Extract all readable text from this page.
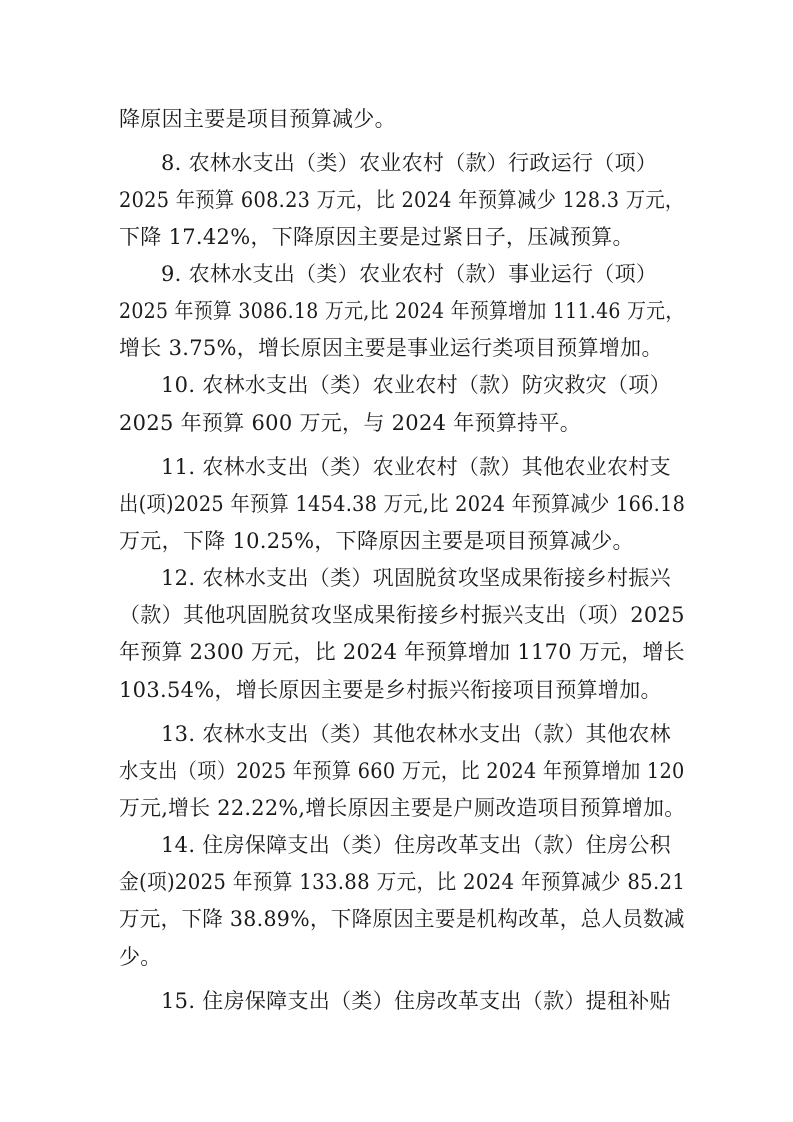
降原因主要是项目预算减少。
8. 农林水支出（类）农业农村（款）行政运行（项）
2025 年预算 608.23 万元，比 2024 年预算减少 128.3 万元，
下降 17.42%，下降原因主要是过紧日子，压减预算。
9. 农林水支出（类）农业农村（款）事业运行（项）
2025 年预算 3086.18 万元,比 2024 年预算增加 111.46 万元，
增长 3.75%，增长原因主要是事业运行类项目预算增加。
10. 农林水支出（类）农业农村（款）防灾救灾（项）
2025 年预算 600 万元，与 2024 年预算持平。
11. 农林水支出（类）农业农村（款）其他农业农村支
出(项)2025 年预算 1454.38 万元,比 2024 年预算减少 166.18
万元，下降 10.25%，下降原因主要是项目预算减少。
12. 农林水支出（类）巩固脱贫攻坚成果衔接乡村振兴
（款）其他巩固脱贫攻坚成果衔接乡村振兴支出（项）2025
年预算 2300 万元，比 2024 年预算增加 1170 万元，增长
103.54%，增长原因主要是乡村振兴衔接项目预算增加。
13. 农林水支出（类）其他农林水支出（款）其他农林
水支出（项）2025 年预算 660 万元，比 2024 年预算增加 120
万元,增长 22.22%,增长原因主要是户厕改造项目预算增加。
14. 住房保障支出（类）住房改革支出（款）住房公积
金(项)2025 年预算 133.88 万元，比 2024 年预算减少 85.21
万元，下降 38.89%，下降原因主要是机构改革，总人员数减
少。
15. 住房保障支出（类）住房改革支出（款）提租补贴
